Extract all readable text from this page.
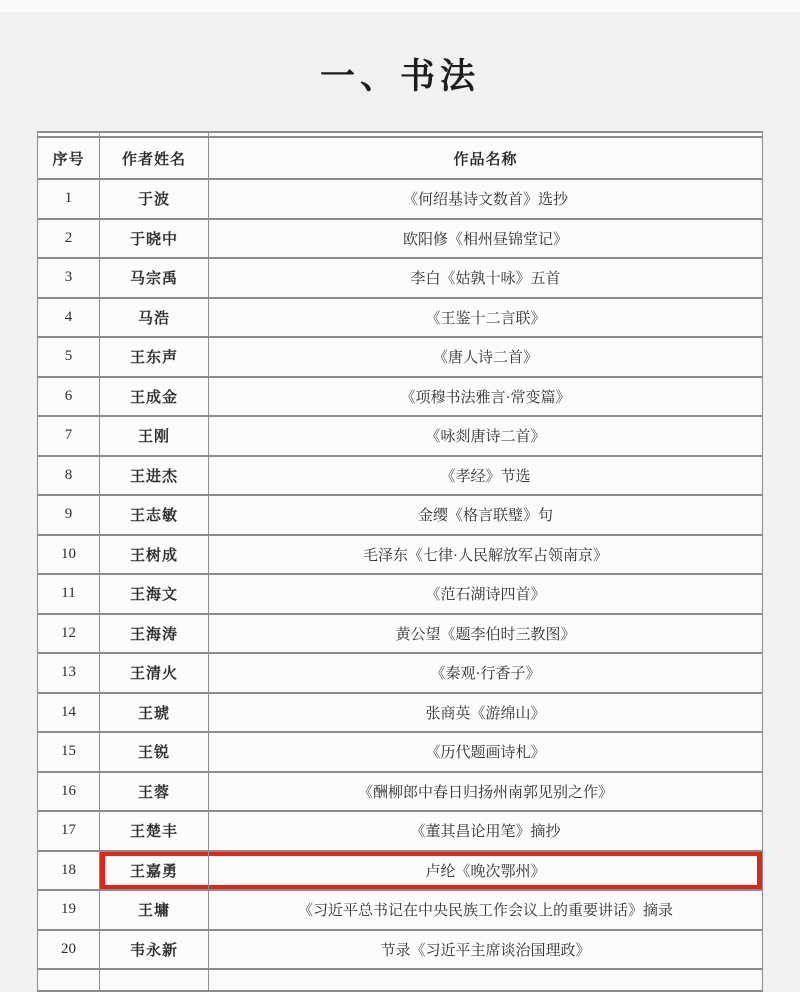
一、书法

序号	作者姓名	作品名称
1	于波	《何绍基诗文数首》选抄
2	于晓中	欧阳修《相州昼锦堂记》
3	马宗禹	李白《姑孰十咏》五首
4	马浩	《王鉴十二言联》
5	王东声	《唐人诗二首》
6	王成金	《项穆书法雅言·常变篇》
7	王刚	《咏剡唐诗二首》
8	王进杰	《孝经》节选
9	王志敏	金缨《格言联璧》句
10	王树成	毛泽东《七律·人民解放军占领南京》
11	王海文	《范石湖诗四首》
12	王海涛	黄公望《题李伯时三教图》
13	王清火	《秦观·行香子》
14	王琥	张商英《游绵山》
15	王锐	《历代题画诗札》
16	王蓉	《酬柳郎中春日归扬州南郭见别之作》
17	王楚丰	《董其昌论用笔》摘抄
18	王嘉勇	卢纶《晚次鄂州》
19	王墉	《习近平总书记在中央民族工作会议上的重要讲话》摘录
20	韦永新	节录《习近平主席谈治国理政》
